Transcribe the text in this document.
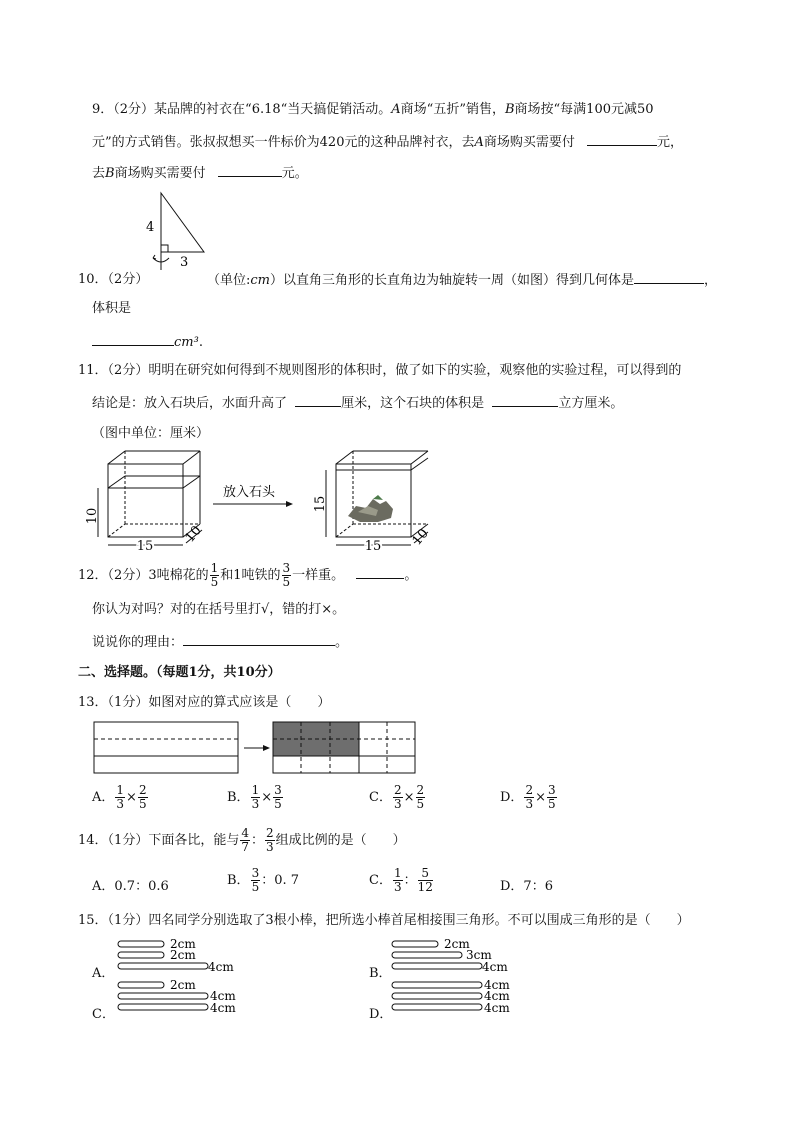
9．（2分）某品牌的衬衣在“6.18“当天搞促销活动。A商场“五折”销售，B商场按“每满100元减50
元”的方式销售。张叔叔想买一件标价为420元的这种品牌衬衣，去A商场购买需要付	元，
去B商场购买需要付	元。
4
3
10．（2分）	（单位:cm）以直角三角形的长直角边为轴旋转一周（如图）得到几何体是	，
体积是
cm³.
11．（2分）明明在研究如何得到不规则图形的体积时，做了如下的实验，观察他的实验过程，可以得到的
结论是：放入石块后，水面升高了	厘米，这个石块的体积是	立方厘米。
（图中单位：厘米）
10
15
10
放入石头
15
15 10
12．（2分）3吨棉花的 $\frac{1}{5}$ 和1吨铁的 $\frac{3}{5}$ 一样重。	。
你认为对吗？对的在括号里打√，错的打×。
说说你的理由：	。
二、选择题。（每题1分，共10分）
13．（1分）如图对应的算式应该是（　　）
A． $\frac{1}{3} \times \frac{2}{5}$	B． $\frac{1}{3} \times \frac{3}{5}$	C． $\frac{2}{3} \times \frac{2}{5}$	D． $\frac{2}{3} \times \frac{3}{5}$
14．（1分）下面各比，能与 $\frac{4}{7}$ ： $\frac{2}{3}$ 组成比例的是（　　）
A．0.7：0.6	B． $\frac{3}{5}$ ：0. 7	C． $\frac{1}{3}$ ： $\frac{5}{12}$	D．7：6
15．（1分）四名同学分别选取了3根小棒，把所选小棒首尾相接围三角形。不可以围成三角形的是（　　）
A．
2cm
2cm
4cm	B．
2cm
3cm
4cm
C．
2cm
4cm
4cm	D．
4cm
4cm
4cm
